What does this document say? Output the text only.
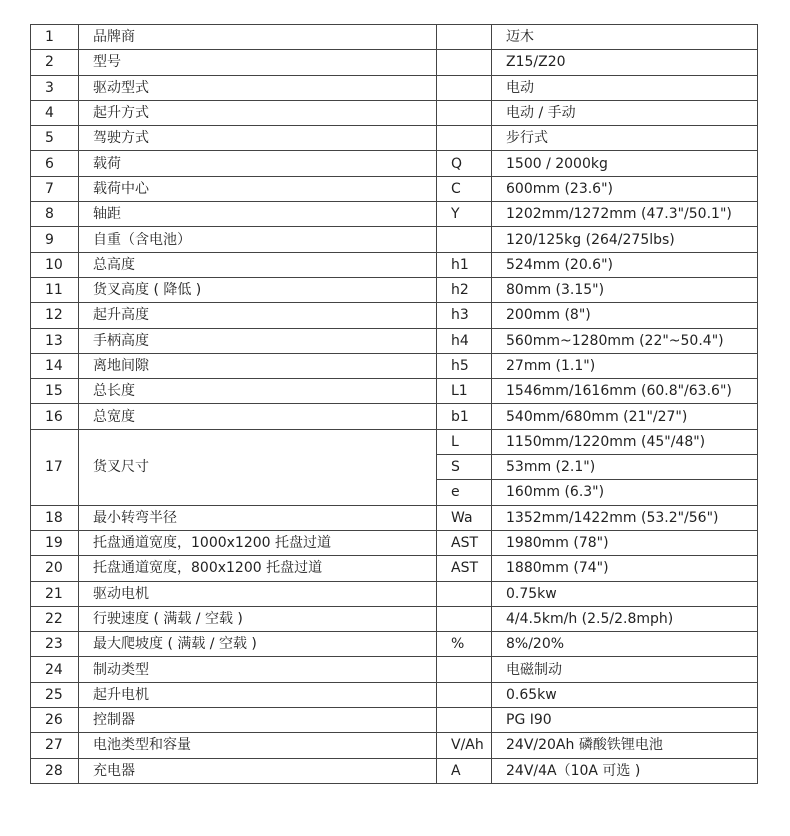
1	品牌商		迈木
2	型号		Z15/Z20
3	驱动型式		电动
4	起升方式		电动 / 手动
5	驾驶方式		步行式
6	载荷	Q	1500 / 2000kg
7	载荷中心	C	600mm (23.6")
8	轴距	Y	1202mm/1272mm (47.3"/50.1")
9	自重（含电池）		120/125kg (264/275lbs)
10	总高度	h1	524mm (20.6")
11	货叉高度 ( 降低 )	h2	80mm (3.15")
12	起升高度	h3	200mm (8")
13	手柄高度	h4	560mm~1280mm (22"~50.4")
14	离地间隙	h5	27mm (1.1")
15	总长度	L1	1546mm/1616mm (60.8"/63.6")
16	总宽度	b1	540mm/680mm (21"/27")
17	货叉尺寸	L	1150mm/1220mm (45"/48")
		S	53mm (2.1")
		e	160mm (6.3")
18	最小转弯半径	Wa	1352mm/1422mm (53.2"/56")
19	托盘通道宽度，1000x1200 托盘过道	AST	1980mm (78")
20	托盘通道宽度，800x1200 托盘过道	AST	1880mm (74")
21	驱动电机		0.75kw
22	行驶速度 ( 满载 / 空载 )		4/4.5km/h (2.5/2.8mph)
23	最大爬坡度 ( 满载 / 空载 )	%	8%/20%
24	制动类型		电磁制动
25	起升电机		0.65kw
26	控制器		PG I90
27	电池类型和容量	V/Ah	24V/20Ah 磷酸铁锂电池
28	充电器	A	24V/4A（10A 可选 )
